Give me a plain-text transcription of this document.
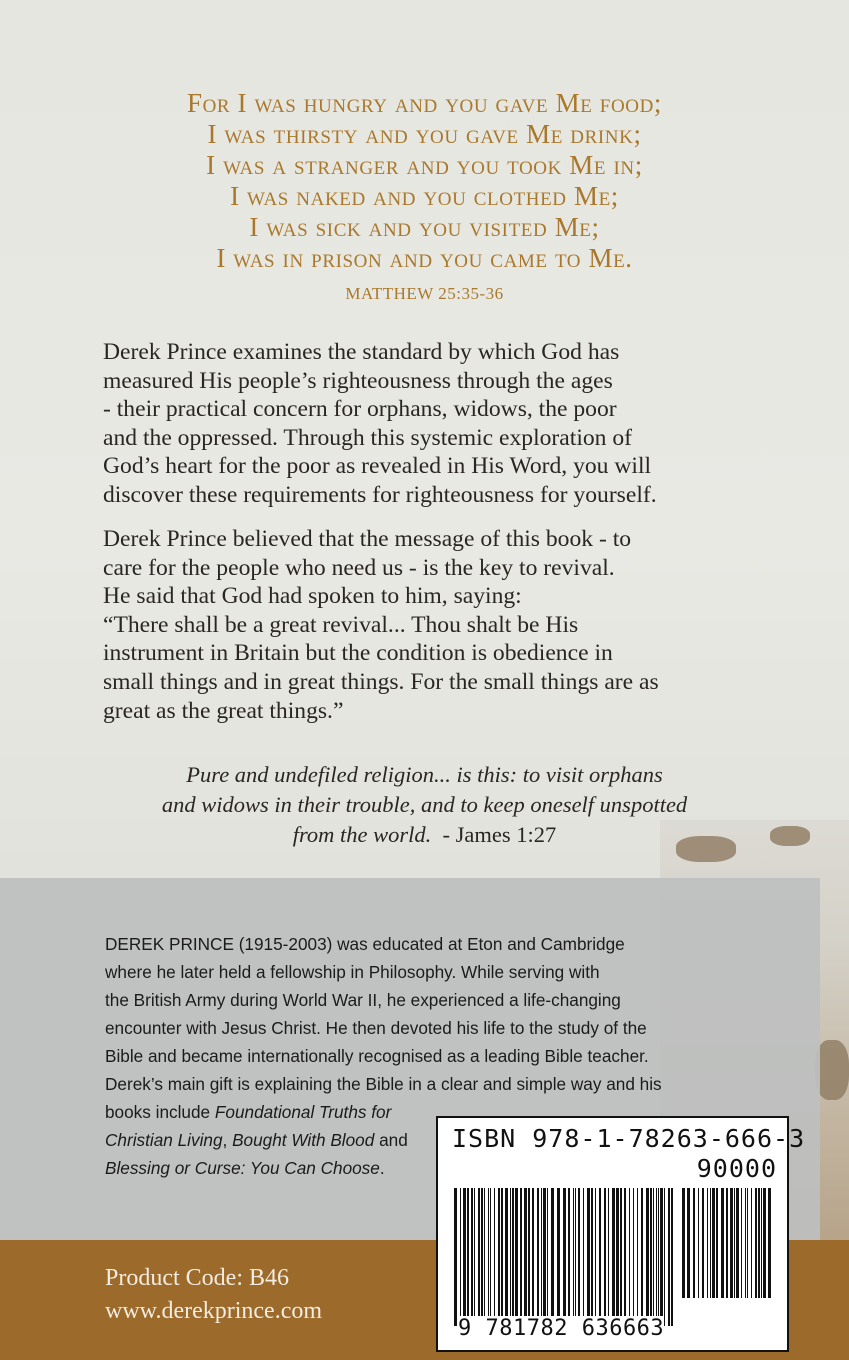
For I was hungry and you gave Me food;
I was thirsty and you gave Me drink;
I was a stranger and you took Me in;
I was naked and you clothed Me;
I was sick and you visited Me;
I was in prison and you came to Me.
MATTHEW 25:35-36
Derek Prince examines the standard by which God has
measured His people’s righteousness through the ages
- their practical concern for orphans, widows, the poor
and the oppressed. Through this systemic exploration of
God’s heart for the poor as revealed in His Word, you will
discover these requirements for righteousness for yourself.
Derek Prince believed that the message of this book - to
care for the people who need us - is the key to revival.
He said that God had spoken to him, saying:
“There shall be a great revival... Thou shalt be His
instrument in Britain but the condition is obedience in
small things and in great things. For the small things are as
great as the great things.”
Pure and undefiled religion... is this: to visit orphans
and widows in their trouble, and to keep oneself unspotted
from the world.  - James 1:27
DEREK PRINCE (1915-2003) was educated at Eton and Cambridge
where he later held a fellowship in Philosophy. While serving with
the British Army during World War II, he experienced a life-changing
encounter with Jesus Christ. He then devoted his life to the study of the
Bible and became internationally recognised as a leading Bible teacher.
Derek’s main gift is explaining the Bible in a clear and simple way and his
books include Foundational Truths for
Christian Living, Bought With Blood and
Blessing or Curse: You Can Choose.
Product Code: B46
www.derekprince.com
ISBN 978-1-78263-666-3
90000
9 781782 636663
